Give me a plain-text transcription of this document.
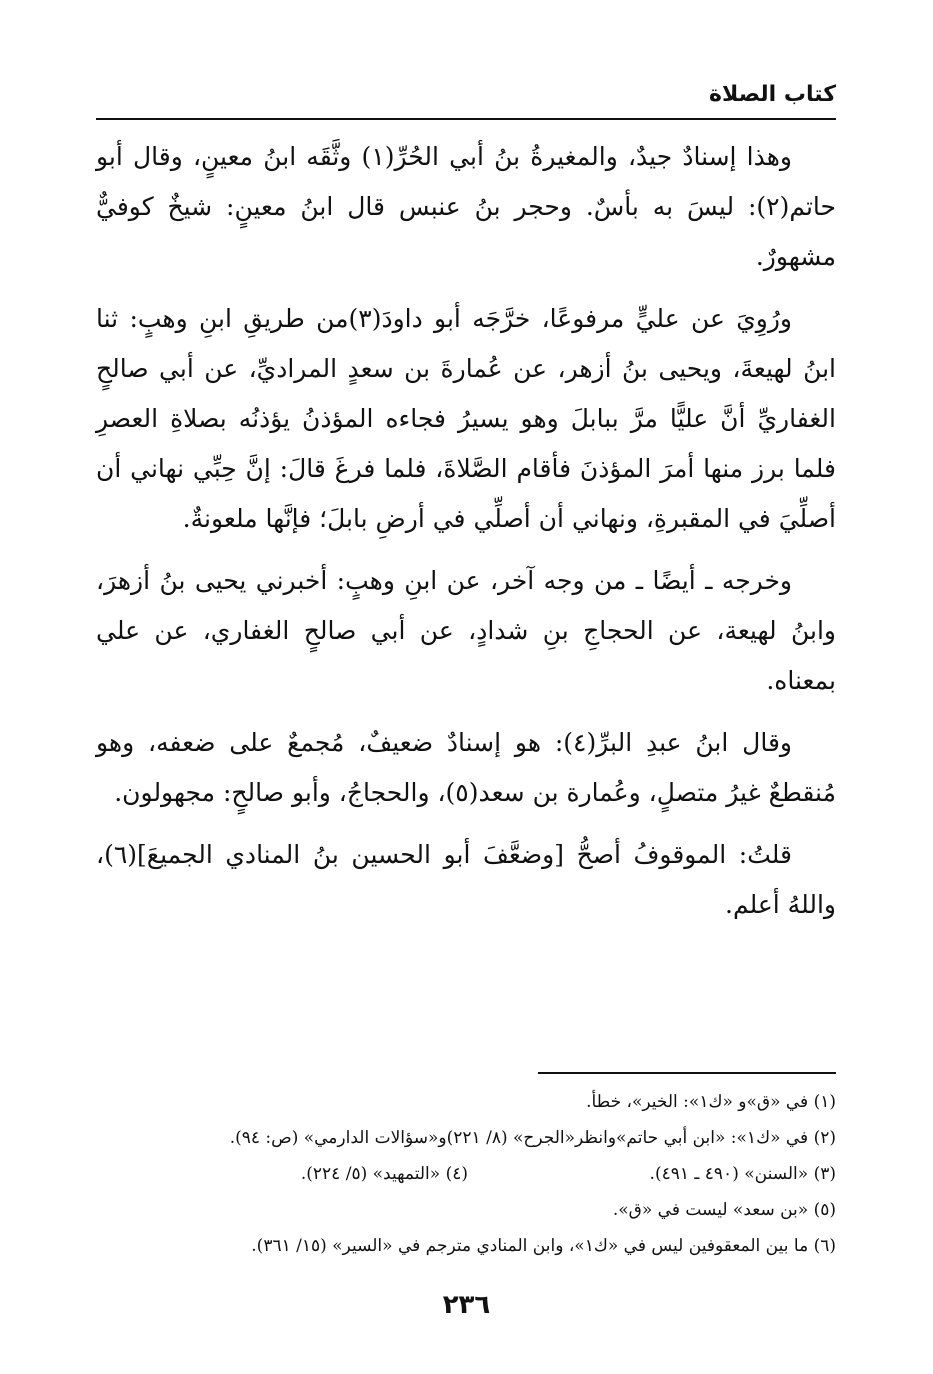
كتاب الصلاة

وهذا إسنادٌ جيدٌ، والمغيرةُ بنُ أبي الحُرِّ(١) وثَّقَه ابنُ معينٍ، وقال أبو حاتم(٢): ليسَ به بأسٌ. وحجر بنُ عنبس قال ابنُ معينٍ: شيخٌ كوفيٌّ مشهورٌ.

ورُوِيَ عن عليٍّ مرفوعًا، خرَّجَه أبو داودَ(٣)من طريقِ ابنِ وهبٍ: ثنا ابنُ لهيعةَ، ويحيى بنُ أزهر، عن عُمارةَ بن سعدٍ المراديِّ، عن أبي صالحٍ الغفاريِّ أنَّ عليًّا مرَّ ببابلَ وهو يسيرُ فجاءه المؤذنُ يؤذنُه بصلاةِ العصرِ فلما برز منها أمرَ المؤذنَ فأقام الصَّلاةَ، فلما فرغَ قالَ: إنَّ حِبِّي نهاني أن أصلِّيَ في المقبرةِ، ونهاني أن أصلِّي في أرضِ بابلَ؛ فإنَّها ملعونةٌ.

وخرجه ـ أيضًا ـ من وجه آخر، عن ابنِ وهبٍ: أخبرني يحيى بنُ أزهرَ، وابنُ لهيعة، عن الحجاجِ بنِ شدادٍ، عن أبي صالحٍ الغفاري، عن علي بمعناه.

وقال ابنُ عبدِ البرِّ(٤): هو إسنادٌ ضعيفٌ، مُجمعٌ على ضعفه، وهو مُنقطعٌ غيرُ متصلٍ، وعُمارة بن سعد(٥)، والحجاجُ، وأبو صالحٍ: مجهولون.

قلتُ: الموقوفُ أصحُّ [وضعَّفَ أبو الحسين بنُ المنادي الجميعَ](٦)، واللهُ أعلم.

(١) في «ق»و «ك١»: الخير»، خطأ.
(٢) في «ك١»: «ابن أبي حاتم»وانظر«الجرح» (٨/ ٢٢١)و«سؤالات الدارمي» (ص: ٩٤).
(٣) «السنن» (٤٩٠ ـ ٤٩١).
(٤) «التمهيد» (٥/ ٢٢٤).
(٥) «بن سعد» ليست في «ق».
(٦) ما بين المعقوفين ليس في «ك١»، وابن المنادي مترجم في «السير» (١٥/ ٣٦١).
٢٣٦
